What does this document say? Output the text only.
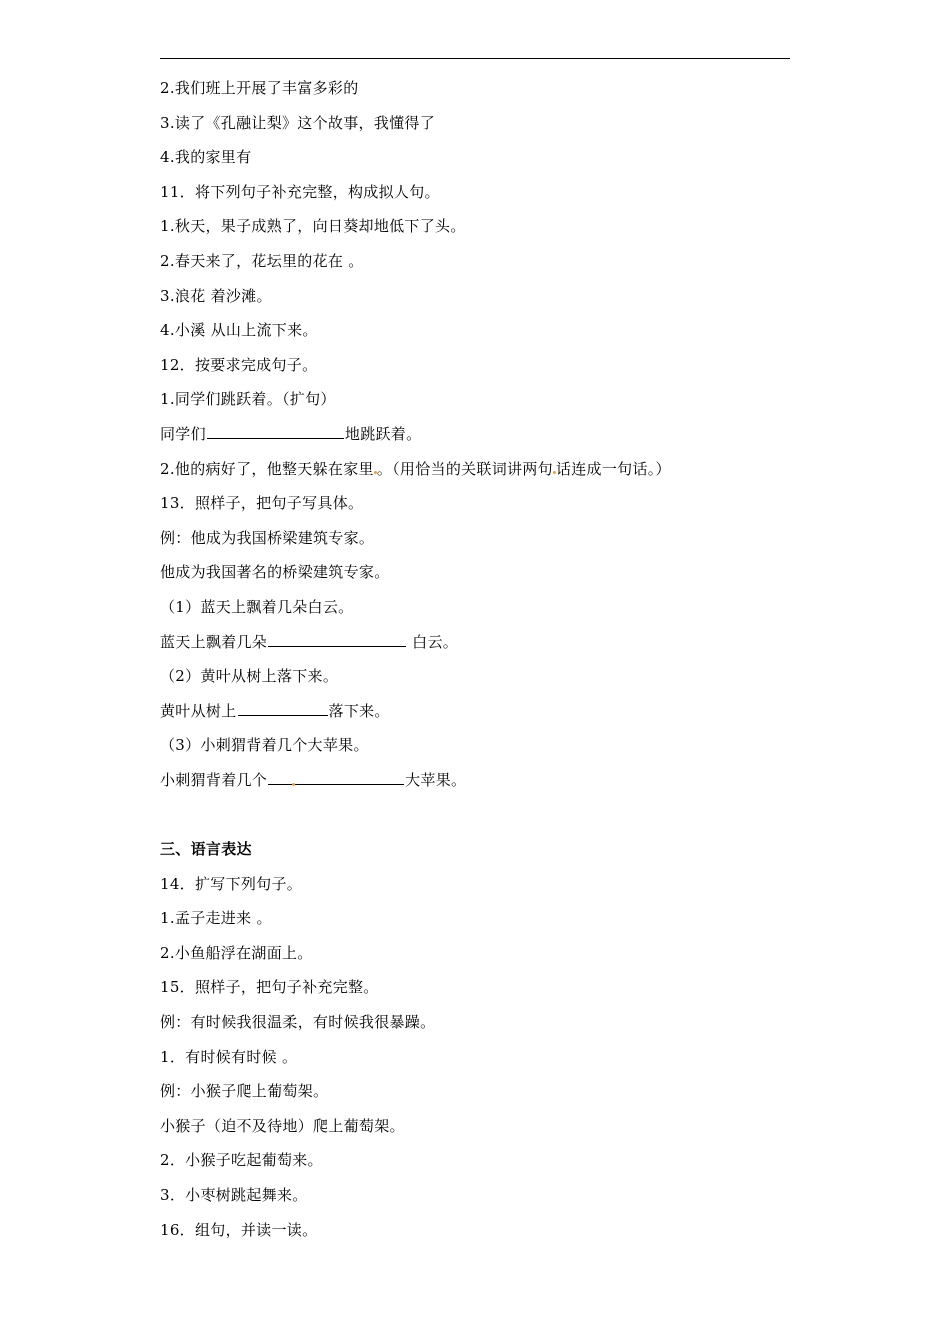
2.我们班上开展了丰富多彩的
3.读了《孔融让梨》这个故事，我懂得了
4.我的家里有
11．将下列句子补充完整，构成拟人句。
1.秋天，果子成熟了，向日葵却地低下了头。
2.春天来了，花坛里的花在 。
3.浪花 着沙滩。
4.小溪 从山上流下来。
12．按要求完成句子。
1.同学们跳跃着。（扩句）
同学们	地跳跃着。
2.他的病好了，他整天躲在家里 。（用恰当的关联词讲两句 话连成一句话。）
13．照样子，把句子写具体。
例：他成为我国桥梁建筑专家。
他成为我国著名的桥梁建筑专家。
（1）蓝天上飘着几朵白云。
蓝天上飘着几朵	白云。
（2）黄叶从树上落下来。
黄叶从树上	落下来。
（3）小刺猬背着几个大苹果。
小刺猬背着几个	大苹果。
三、语言表达
14．扩写下列句子。
1.孟子走进来 。
2.小鱼船浮在湖面上。
15．照样子，把句子补充完整。
例：有时候我很温柔，有时候我很暴躁。
1．有时候有时候 。
例：小猴子爬上葡萄架。
小猴子（迫不及待地）爬上葡萄架。
2．小猴子吃起葡萄来。
3．小枣树跳起舞来。
16．组句，并读一读。
